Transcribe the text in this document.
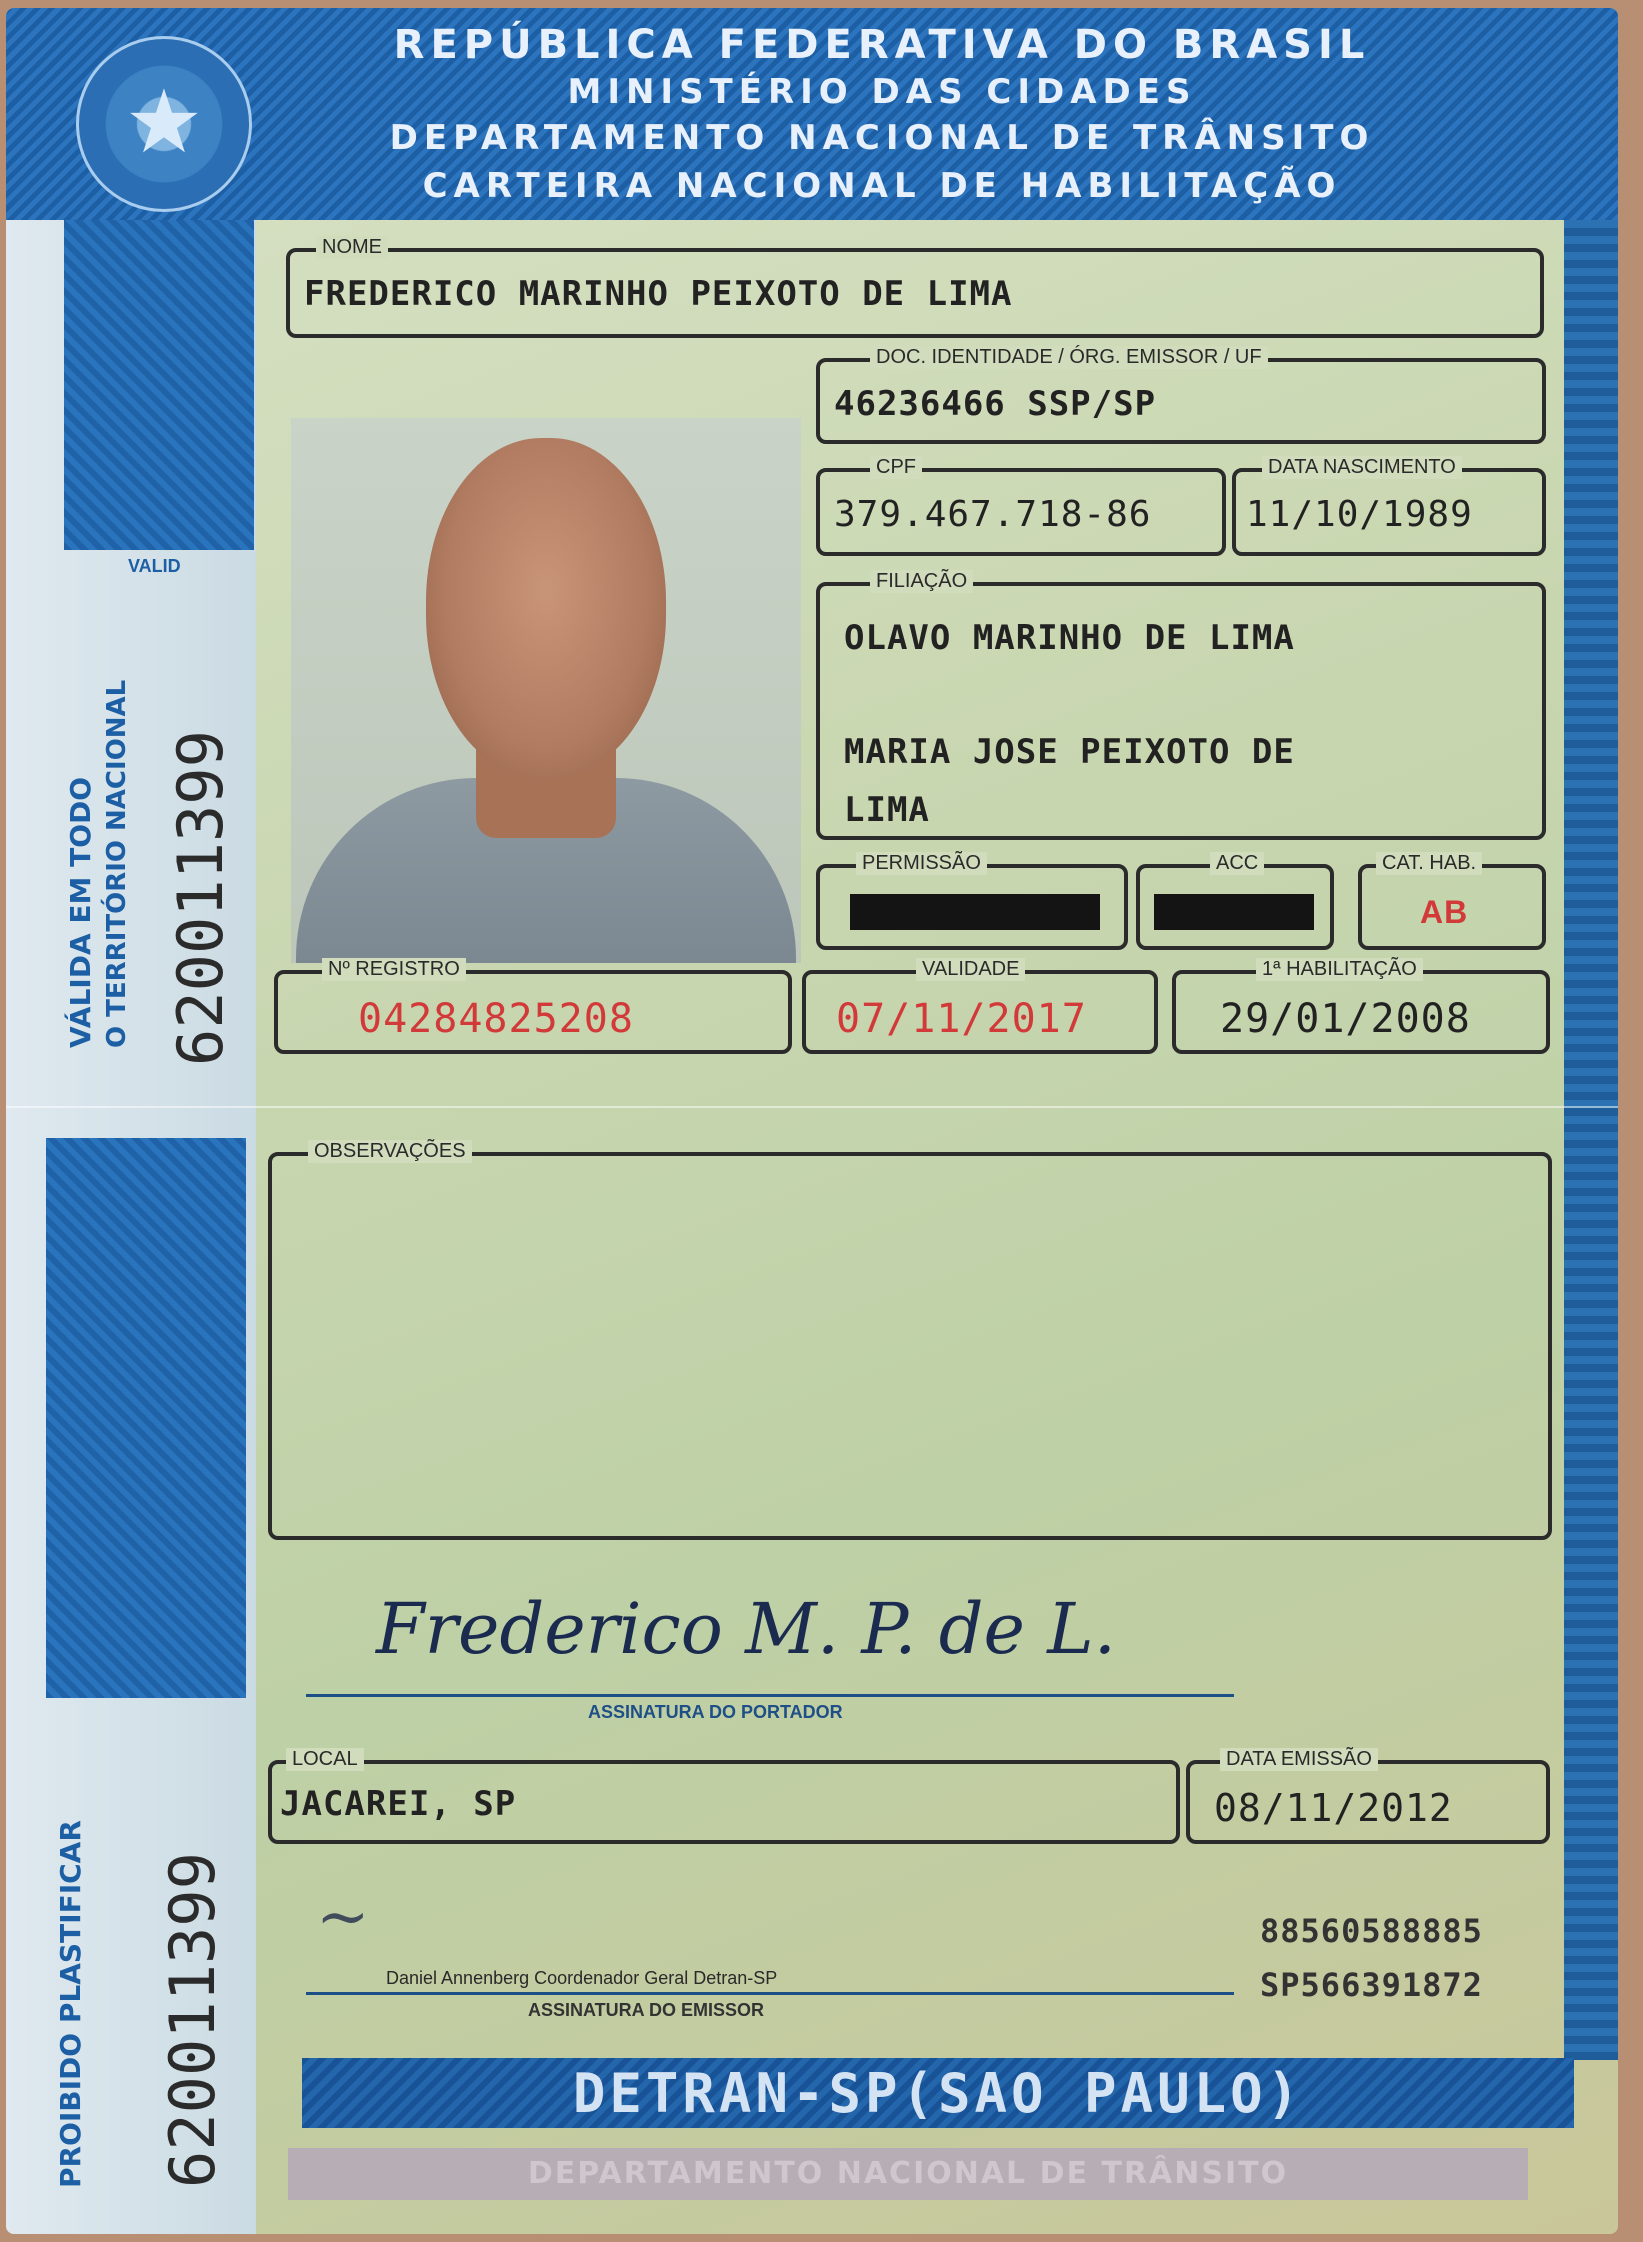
REPÚBLICA FEDERATIVA DO BRASIL
MINISTÉRIO DAS CIDADES
DEPARTAMENTO NACIONAL DE TRÂNSITO
CARTEIRA NACIONAL DE HABILITAÇÃO
★
VALID
VÁLIDA EM TODO O TERRITÓRIO NACIONAL 620011399
PROIBIDO PLASTIFICAR 620011399
NOME
FREDERICO MARINHO PEIXOTO DE LIMA
DOC. IDENTIDADE / ÓRG. EMISSOR / UF
46236466 SSP/SP
CPF
379.467.718-86
DATA NASCIMENTO
11/10/1989
FILIAÇÃO
OLAVO MARINHO DE LIMA
MARIA JOSE PEIXOTO DE
LIMA
PERMISSÃO	ACC	CAT. HAB.
AB
Nº REGISTRO
04284825208
VALIDADE
07/11/2017
1ª HABILITAÇÃO
29/01/2008
OBSERVAÇÕES
Frederico M. P. de L.
ASSINATURA DO PORTADOR
LOCAL
JACAREI, SP
DATA EMISSÃO
08/11/2012
~
Daniel Annenberg Coordenador Geral Detran-SP
ASSINATURA DO EMISSOR
88560588885
SP566391872
DETRAN-SP(SAO PAULO)
DEPARTAMENTO NACIONAL DE TRÂNSITO
